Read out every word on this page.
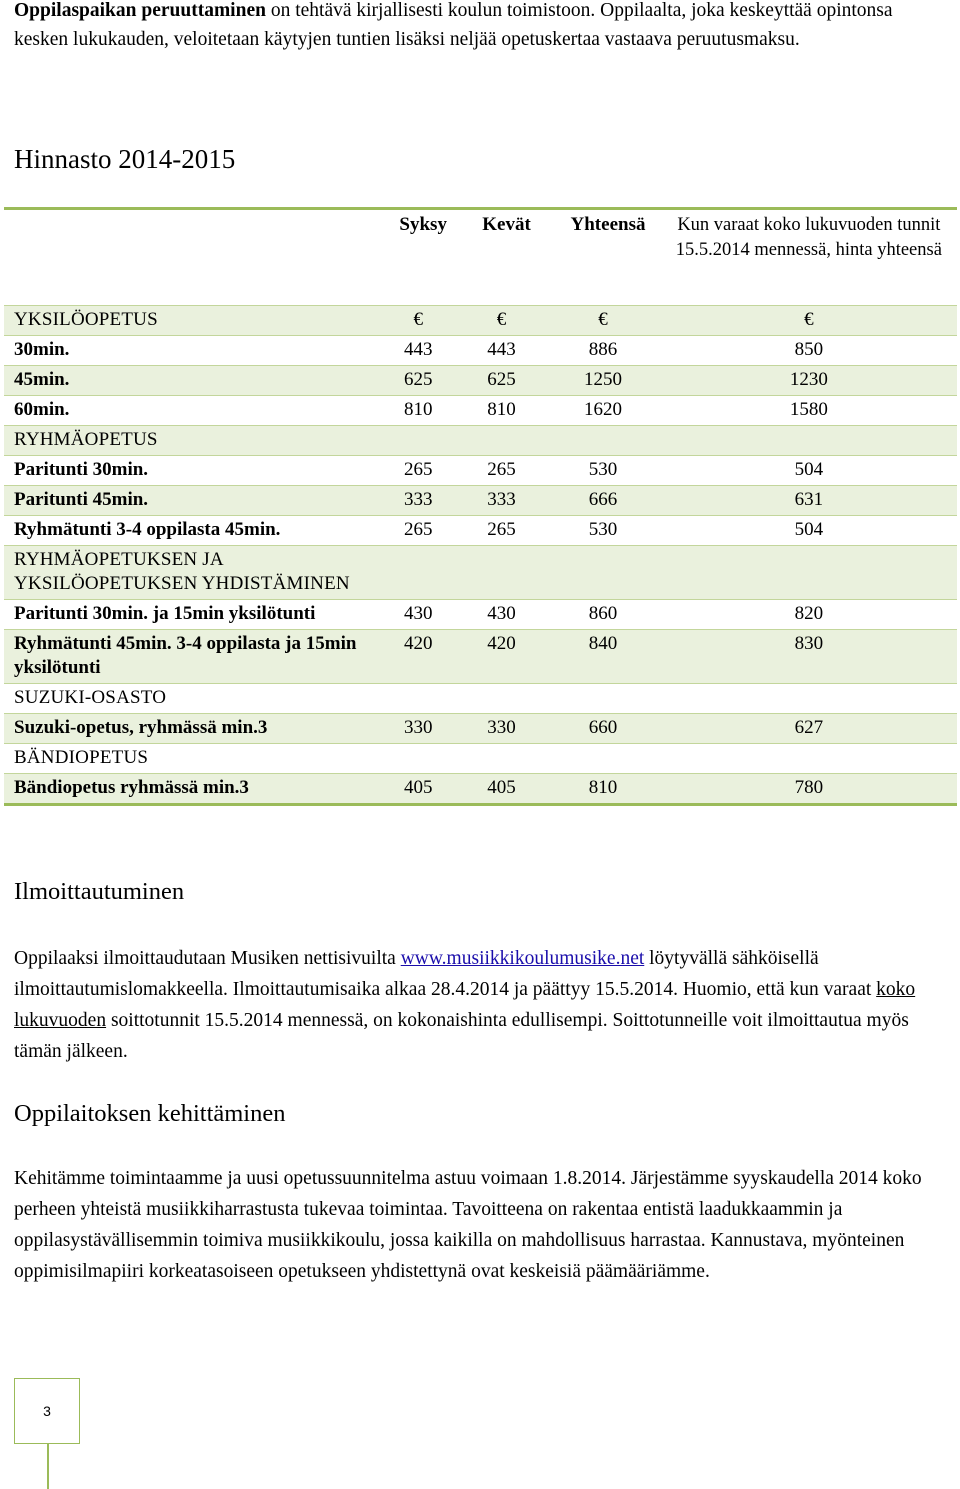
Oppilaspaikan peruuttaminen on tehtävä kirjallisesti koulun toimistoon. Oppilaalta, joka keskeyttää opintonsa kesken lukukauden, veloitetaan käytyjen tuntien lisäksi neljää opetuskertaa vastaava peruutusmaksu.

Hinnasto 2014-2015
	Syksy	Kevät	Yhteensä	Kun varaat koko lukuvuoden tunnit 15.5.2014 mennessä, hinta yhteensä
YKSILÖOPETUS	€	€	€	€
30min.	443	443	886	850
45min.	625	625	1250	1230
60min.	810	810	1620	1580
RYHMÄOPETUS				
Paritunti 30min.	265	265	530	504
Paritunti 45min.	333	333	666	631
Ryhmätunti 3-4 oppilasta 45min.	265	265	530	504
RYHMÄOPETUKSEN JA YKSILÖOPETUKSEN YHDISTÄMINEN				
Paritunti 30min. ja 15min yksilötunti	430	430	860	820
Ryhmätunti 45min. 3-4 oppilasta ja 15min yksilötunti	420	420	840	830
SUZUKI-OSASTO				
Suzuki-opetus, ryhmässä min.3	330	330	660	627
BÄNDIOPETUS				
Bändiopetus ryhmässä min.3	405	405	810	780
Ilmoittautuminen

Oppilaaksi ilmoittaudutaan Musiken nettisivuilta www.musiikkikoulumusike.net löytyvällä sähköisellä ilmoittautumislomakkeella. Ilmoittautumisaika alkaa 28.4.2014 ja päättyy 15.5.2014. Huomio, että kun varaat koko lukuvuoden soittotunnit 15.5.2014 mennessä, on kokonaishinta edullisempi. Soittotunneille voit ilmoittautua myös tämän jälkeen.

Oppilaitoksen kehittäminen

Kehitämme toimintaamme ja uusi opetussuunnitelma astuu voimaan 1.8.2014. Järjestämme syyskaudella 2014 koko perheen yhteistä musiikkiharrastusta tukevaa toimintaa. Tavoitteena on rakentaa entistä laadukkaammin ja oppilasystävällisemmin toimiva musiikkikoulu, jossa kaikilla on mahdollisuus harrastaa. Kannustava, myönteinen oppimisilmapiiri korkeatasoiseen opetukseen yhdistettynä ovat keskeisiä päämääriämme.

3
